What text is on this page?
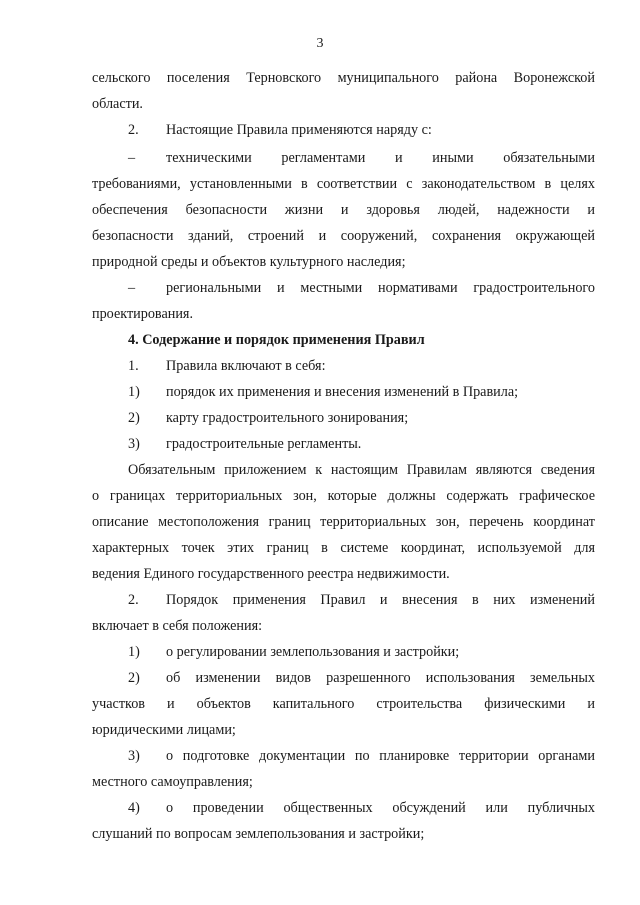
3
сельского поселения Терновского муниципального района Воронежской
области.
2. Настоящие Правила применяются наряду с:
– техническими регламентами и иными обязательными
требованиями, установленными в соответствии с законодательством в целях
обеспечения безопасности жизни и здоровья людей, надежности и
безопасности зданий, строений и сооружений, сохранения окружающей
природной среды и объектов культурного наследия;
– региональными и местными нормативами градостроительного
проектирования.
4. Содержание и порядок применения Правил
1. Правила включают в себя:
1) порядок их применения и внесения изменений в Правила;
2) карту градостроительного зонирования;
3) градостроительные регламенты.
Обязательным приложением к настоящим Правилам являются сведения
о границах территориальных зон, которые должны содержать графическое
описание местоположения границ территориальных зон, перечень координат
характерных точек этих границ в системе координат, используемой для
ведения Единого государственного реестра недвижимости.
2. Порядок применения Правил и внесения в них изменений
включает в себя положения:
1) о регулировании землепользования и застройки;
2) об изменении видов разрешенного использования земельных
участков и объектов капитального строительства физическими и
юридическими лицами;
3) о подготовке документации по планировке территории органами
местного самоуправления;
4) о проведении общественных обсуждений или публичных
слушаний по вопросам землепользования и застройки;
